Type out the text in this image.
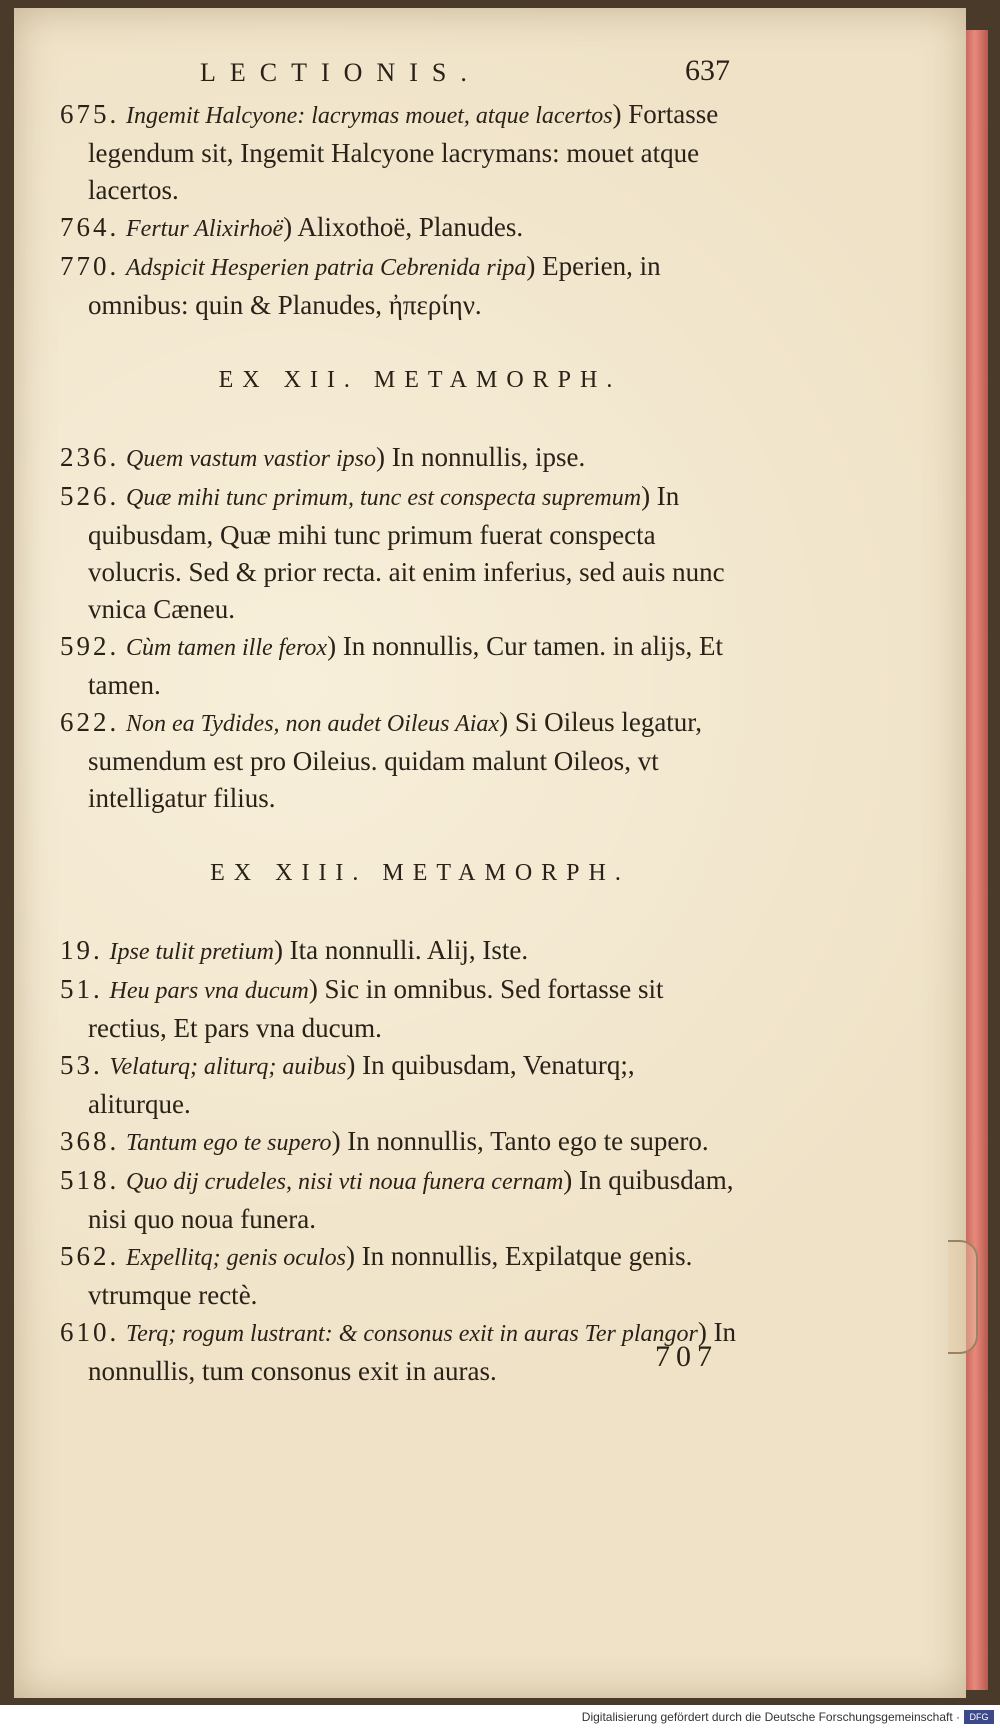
LECTIONIS.	637

675. Ingemit Halcyone: lacrymas mouet, atque lacertos) Fortasse legendum sit, Ingemit Halcyone lacrymans: mouet atque lacertos.

764. Fertur Alixirhoë) Alixothoë, Planudes.

770. Adspicit Hesperien patria Cebrenida ripa) Eperien, in omnibus: quin & Planudes, ἠπερίην.

EX XII. METAMORPH.

236. Quem vastum vastior ipso) In nonnullis, ipse.

526. Quæ mihi tunc primum, tunc est conspecta supremum) In quibusdam, Quæ mihi tunc primum fuerat conspecta volucris. Sed & prior recta. ait enim inferius, sed auis nunc vnica Cæneu.

592. Cùm tamen ille ferox) In nonnullis, Cur tamen. in alijs, Et tamen.

622. Non ea Tydides, non audet Oileus Aiax) Si Oileus legatur, sumendum est pro Oileius. quidam malunt Oileos, vt intelligatur filius.

EX XIII. METAMORPH.

19. Ipse tulit pretium) Ita nonnulli. Alij, Iste.

51. Heu pars vna ducum) Sic in omnibus. Sed fortasse sit rectius, Et pars vna ducum.

53. Velaturq; aliturq; auibus) In quibusdam, Venaturq;, aliturque.

368. Tantum ego te supero) In nonnullis, Tanto ego te supero.

518. Quo dij crudeles, nisi vti noua funera cernam) In quibusdam, nisi quo noua funera.

562. Expellitq; genis oculos) In nonnullis, Expilatque genis. vtrumque rectè.

610. Terq; rogum lustrant: & consonus exit in auras Ter plangor) In nonnullis, tum consonus exit in auras.	707
Digitalisierung gefördert durch die Deutsche Forschungsgemeinschaft ·	DFG
